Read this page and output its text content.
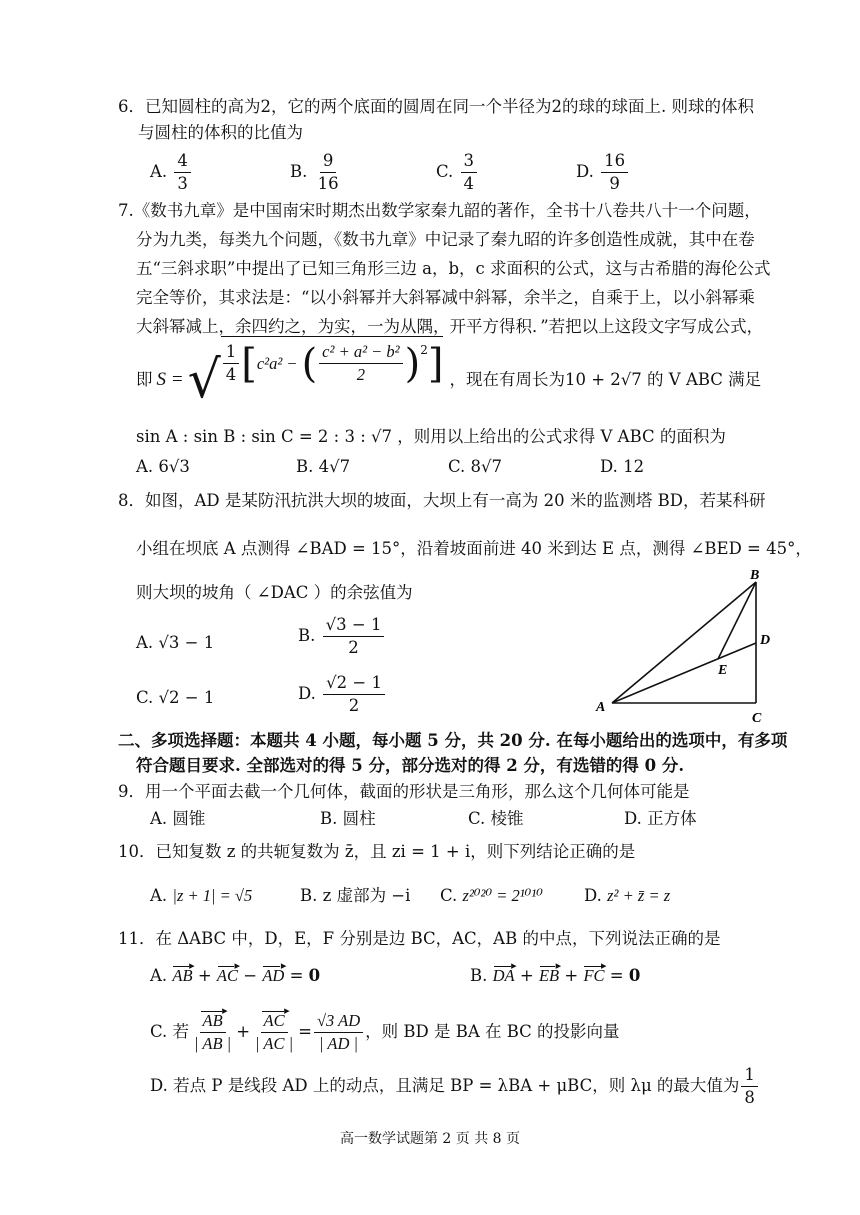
6．已知圆柱的高为2，它的两个底面的圆周在同一个半径为2的球的球面上. 则球的体积
与圆柱的体积的比值为
A. $\frac{4}{3}$	B. $\frac{9}{16}$	C. $\frac{3}{4}$	D. $\frac{16}{9}$
7.《数书九章》是中国南宋时期杰出数学家秦九韶的著作，全书十八卷共八十一个问题，
分为九类，每类九个问题，《数书九章》中记录了秦九昭的许多创造性成就，其中在卷
五“三斜求职”中提出了已知三角形三边 a，b，c 求面积的公式，这与古希腊的海伦公式
完全等价，其求法是：“以小斜幂并大斜幂减中斜幂，余半之，自乘于上，以小斜幂乘
大斜幂减上，余四约之，为实，一为从隅，开平方得积．”若把以上这段文字写成公式，
即 S = √ $\frac{1}{4}$ [ c²a² − ( $\frac{\text{c² + a² − b²}}{2} )^2$ ] ，现在有周长为10 + 2√7 的 V ABC 满足
sin A : sin B : sin C = 2 : 3 : √7 ，则用以上给出的公式求得 V ABC 的面积为
A. 6√3	B. 4√7	C. 8√7	D. 12
8．如图，AD 是某防汛抗洪大坝的坡面，大坝上有一高为 20 米的监测塔 BD，若某科研
小组在坝底 A 点测得 ∠BAD = 15°，沿着坡面前进 40 米到达 E 点，测得 ∠BED = 45°，
则大坝的坡角（ ∠DAC ）的余弦值为
A. √3 − 1	B. $\frac{√3 - 1}{2}$
C. √2 − 1	D. $\frac{√2 - 1}{2}$
B
D
E
A
C
二、多项选择题：本题共 4 小题，每小题 5 分，共 20 分. 在每小题给出的选项中，有多项
符合题目要求. 全部选对的得 5 分，部分选对的得 2 分，有选错的得 0 分.
9．用一个平面去截一个几何体，截面的形状是三角形，那么这个几何体可能是
A. 圆锥	B. 圆柱	C. 棱锥	D. 正方体
10．已知复数 z 的共轭复数为 z̄，且 zi = 1 + i，则下列结论正确的是
A. |z + 1| = √5	B. z 虚部为 −i C. z²⁰²⁰ = 2¹⁰¹⁰ D. z² + z̄ = z
11．在 ΔABC 中，D，E，F 分别是边 BC，AC，AB 的中点，下列说法正确的是
A. AB ▸ + AC ▸ − AD ▸ = 0	B. DA ▸ + EB ▸ + FC ▸ = 0
C. 若 $\frac{AB ▸}{| AB |} + \frac{AC ▸}{| AC |} = \frac{√3 AD}{| AD |}$ ，则 BD 是 BA 在 BC 的投影向量
D. 若点 P 是线段 AD 上的动点，且满足 BP = λBA + μBC，则 λμ 的最大值为 $\frac{1}{8}$
高一数学试题第 2 页 共 8 页
